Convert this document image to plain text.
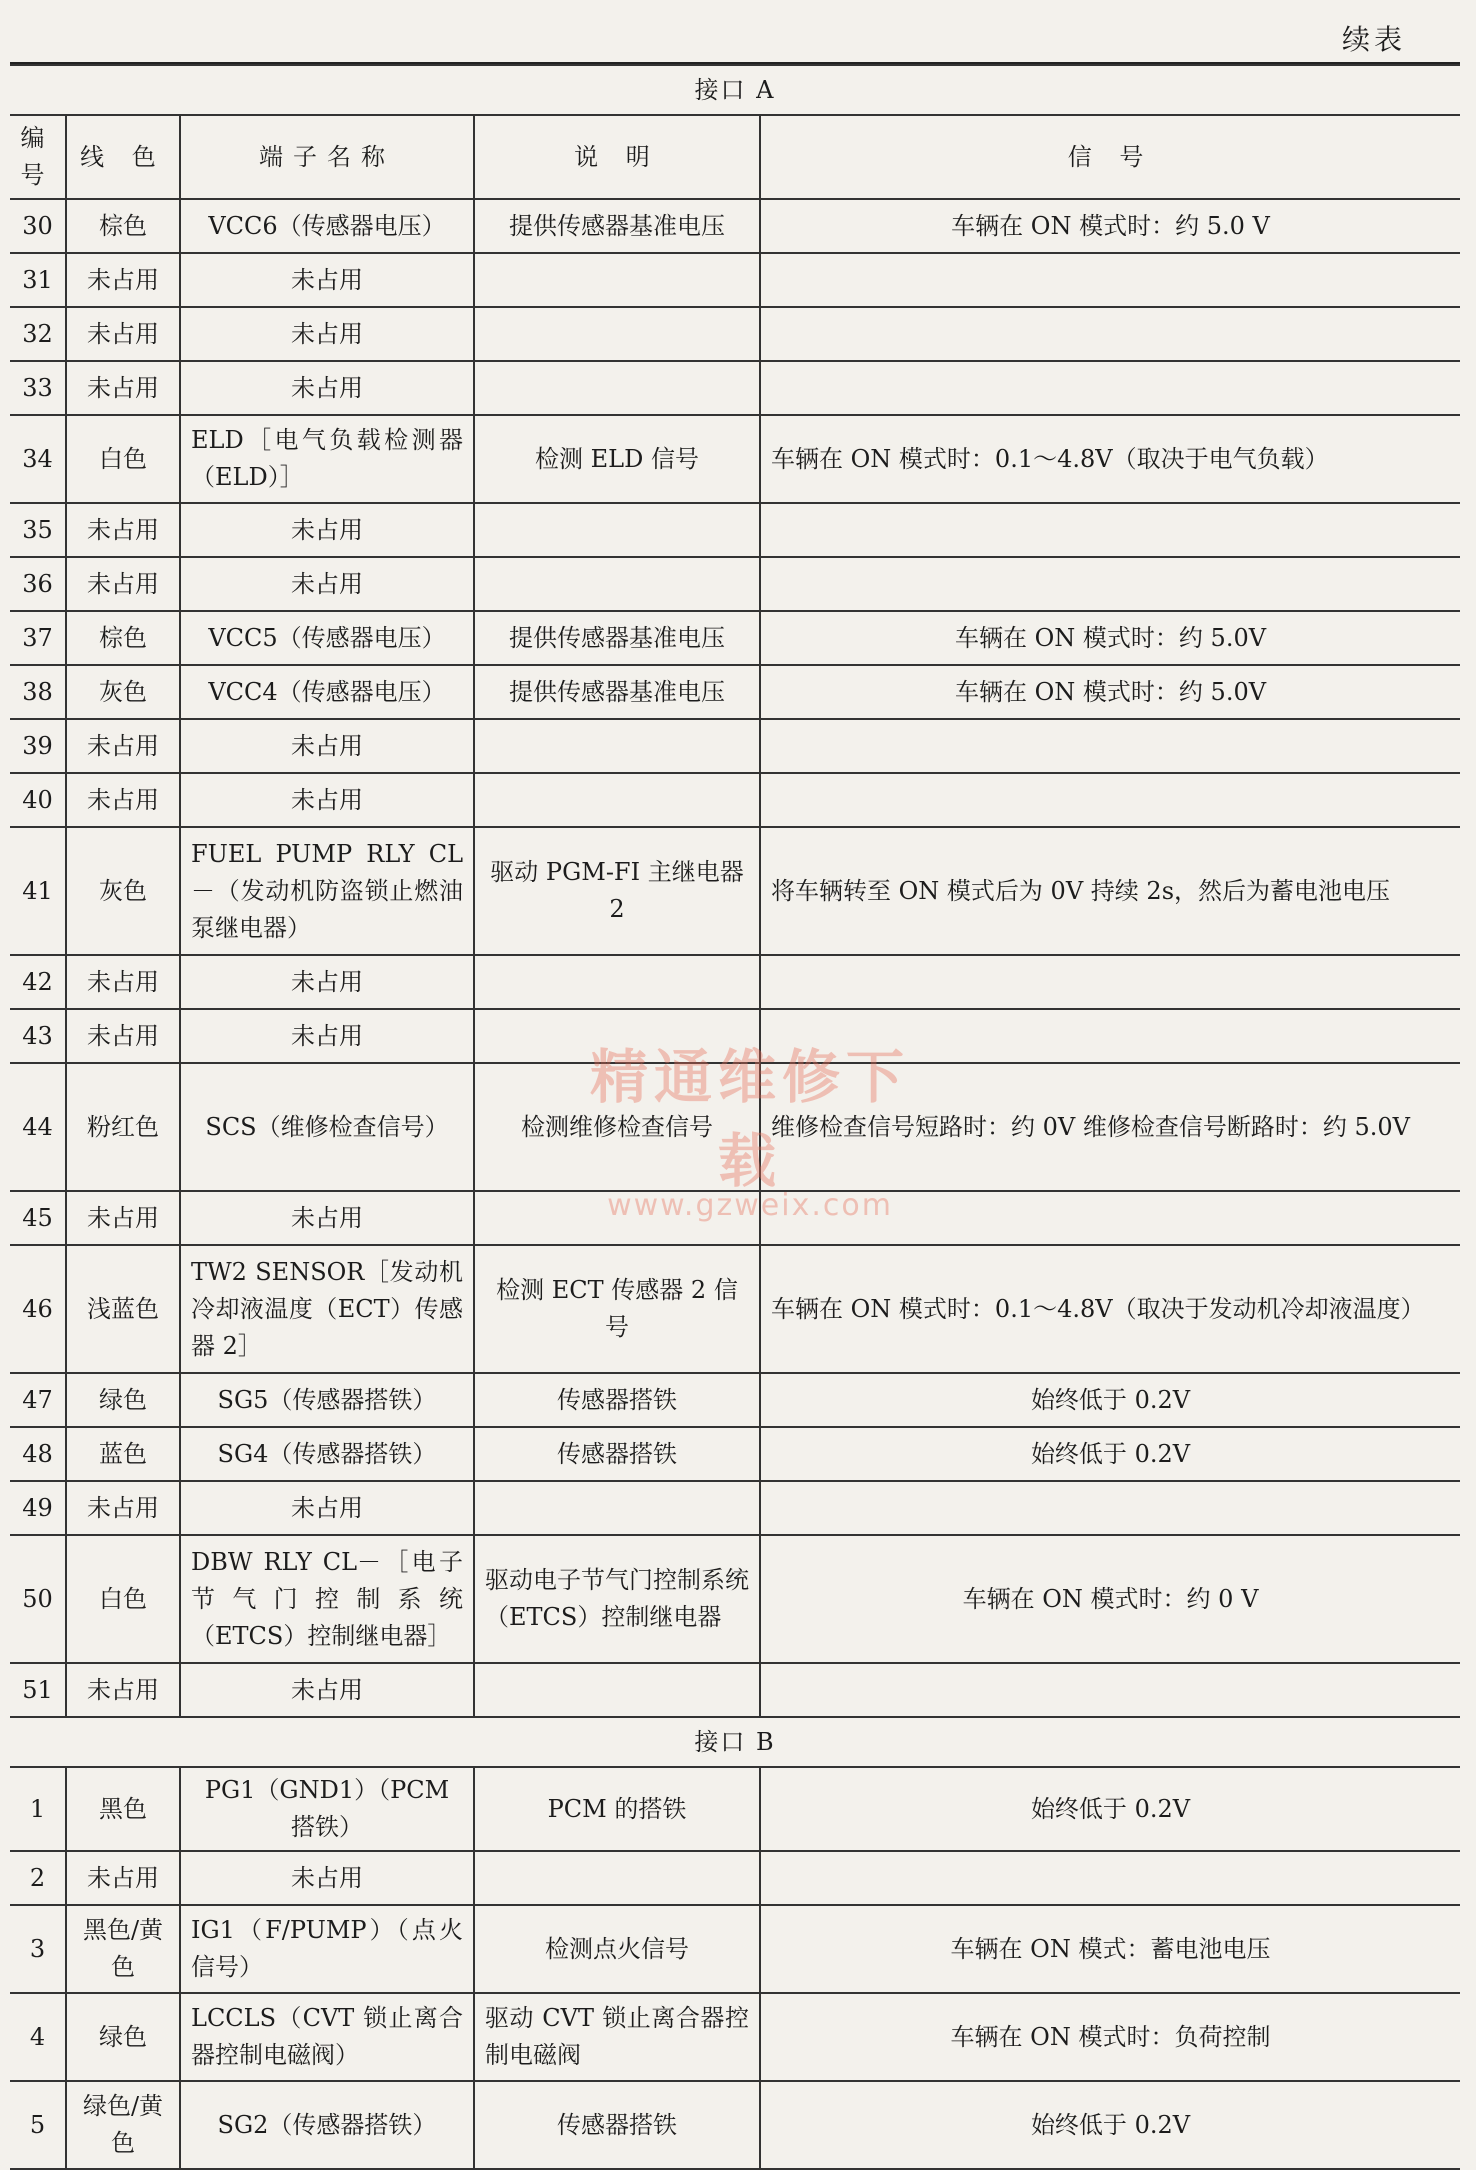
续表
接口 A				
编号	线 色	端子名称	说 明	信 号
30	棕色	VCC6（传感器电压）	提供传感器基准电压	车辆在 ON 模式时：约 5.0 V
31	未占用	未占用		
32	未占用	未占用		
33	未占用	未占用		
34	白色	ELD［电气负载检测器（ELD）］	检测 ELD 信号	车辆在 ON 模式时：0.1～4.8V（取决于电气负载）
35	未占用	未占用		
36	未占用	未占用		
37	棕色	VCC5（传感器电压）	提供传感器基准电压	车辆在 ON 模式时：约 5.0V
38	灰色	VCC4（传感器电压）	提供传感器基准电压	车辆在 ON 模式时：约 5.0V
39	未占用	未占用		
40	未占用	未占用		
41	灰色	FUEL PUMP RLY CL－（发动机防盗锁止燃油泵继电器）	驱动 PGM-FI 主继电器 2	将车辆转至 ON 模式后为 0V 持续 2s，然后为蓄电池电压
42	未占用	未占用		
43	未占用	未占用		
44	粉红色	SCS（维修检查信号）	检测维修检查信号	维修检查信号短路时：约 0V 维修检查信号断路时：约 5.0V
45	未占用	未占用		
46	浅蓝色	TW2 SENSOR［发动机冷却液温度（ECT）传感器 2］	检测 ECT 传感器 2 信号	车辆在 ON 模式时：0.1～4.8V（取决于发动机冷却液温度）
47	绿色	SG5（传感器搭铁）	传感器搭铁	始终低于 0.2V
48	蓝色	SG4（传感器搭铁）	传感器搭铁	始终低于 0.2V
49	未占用	未占用		
50	白色	DBW RLY CL－［电子节气门控制系统（ETCS）控制继电器］	驱动电子节气门控制系统（ETCS）控制继电器	车辆在 ON 模式时：约 0 V
51	未占用	未占用		
接口 B				
1	黑色	PG1（GND1）（PCM 搭铁）	PCM 的搭铁	始终低于 0.2V
2	未占用	未占用		
3	黑色/黄色	IG1（F/PUMP）（点火信号）	检测点火信号	车辆在 ON 模式：蓄电池电压
4	绿色	LCCLS（CVT 锁止离合器控制电磁阀）	驱动 CVT 锁止离合器控制电磁阀	车辆在 ON 模式时：负荷控制
5	绿色/黄色	SG2（传感器搭铁）	传感器搭铁	始终低于 0.2V
精通维修下载
www.gzweix.com
